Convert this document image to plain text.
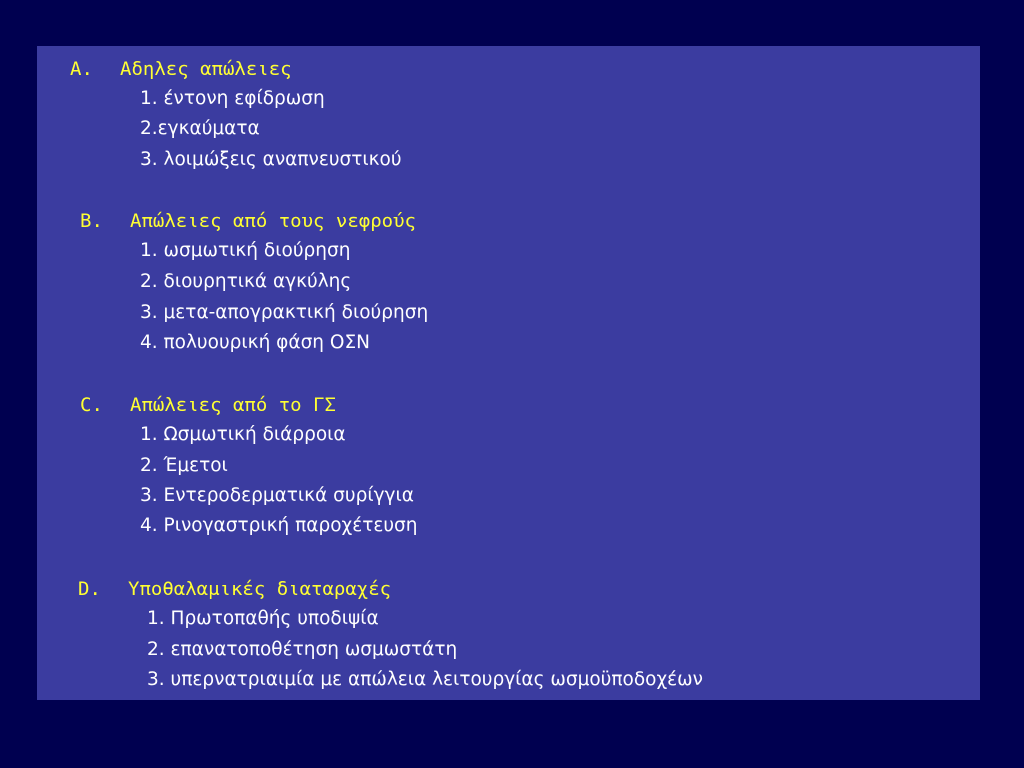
A. Αδηλες απώλειες
1. έντονη εφίδρωση
2.εγκαύματα
3. λοιμώξεις αναπνευστικού
B. Απώλειες από τους νεφρούς
1. ωσμωτική διούρηση
2. διουρητικά αγκύλης
3. μετα-απογρακτική διούρηση
4. πολυουρική φάση ΟΣΝ
C. Απώλειες από το ΓΣ
1. Ωσμωτική διάρροια
2. Έμετοι
3. Εντεροδερματικά συρίγγια
4. Ρινογαστρική παροχέτευση
D. Υποθαλαμικές διαταραχές
1. Πρωτοπαθής υποδιψία
2. επανατοποθέτηση ωσμωστάτη
3. υπερνατριαιμία με απώλεια λειτουργίας ωσμοϋποδοχέων
